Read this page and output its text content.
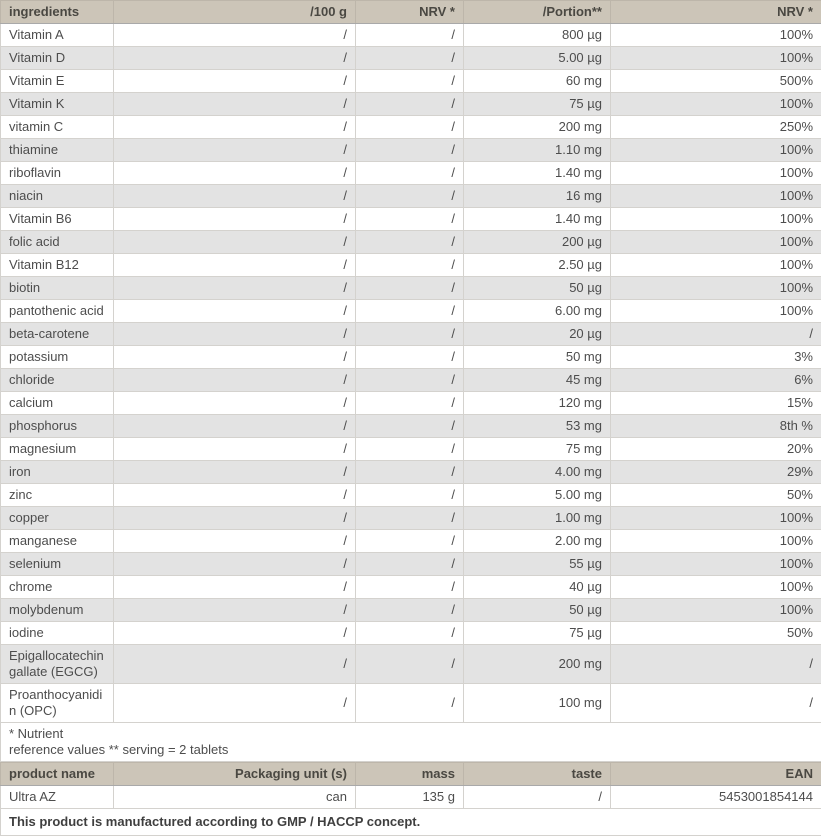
ingredients	/100 g	NRV *	/Portion**	NRV *
Vitamin A	/	/	800 µg	100%
Vitamin D	/	/	5.00 µg	100%
Vitamin E	/	/	60 mg	500%
Vitamin K	/	/	75 µg	100%
vitamin C	/	/	200 mg	250%
thiamine	/	/	1.10 mg	100%
riboflavin	/	/	1.40 mg	100%
niacin	/	/	16 mg	100%
Vitamin B6	/	/	1.40 mg	100%
folic acid	/	/	200 µg	100%
Vitamin B12	/	/	2.50 µg	100%
biotin	/	/	50 µg	100%
pantothenic acid	/	/	6.00 mg	100%
beta-carotene	/	/	20 µg	/
potassium	/	/	50 mg	3%
chloride	/	/	45 mg	6%
calcium	/	/	120 mg	15%
phosphorus	/	/	53 mg	8th %
magnesium	/	/	75 mg	20%
iron	/	/	4.00 mg	29%
zinc	/	/	5.00 mg	50%
copper	/	/	1.00 mg	100%
manganese	/	/	2.00 mg	100%
selenium	/	/	55 µg	100%
chrome	/	/	40 µg	100%
molybdenum	/	/	50 µg	100%
iodine	/	/	75 µg	50%
Epigallocatechin gallate (EGCG)	/	/	200 mg	/
Proanthocyanidin (OPC)	/	/	100 mg	/

* Nutrient
reference values ** serving = 2 tablets				
product name	Packaging unit (s)	mass	taste	EAN
Ultra AZ	can	135 g	/	5453001854144
This product is manufactured according to GMP / HACCP concept.				
